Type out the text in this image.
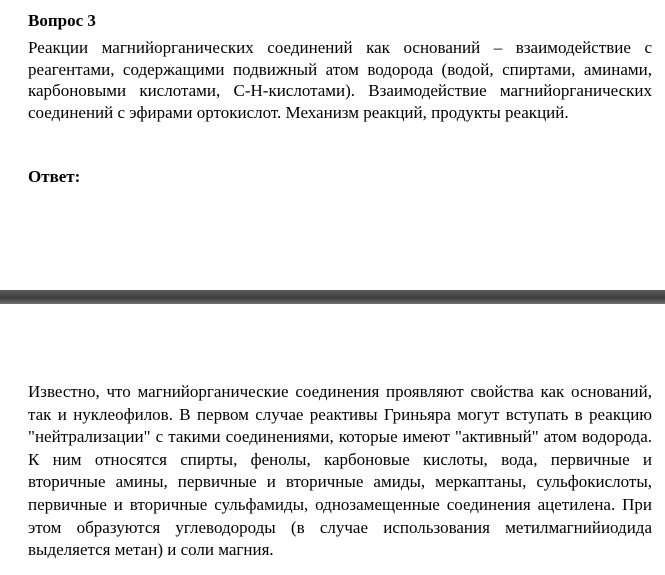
Вопрос 3

Реакции магнийорганических соединений как оснований – взаимодействие с реагентами, содержащими подвижный атом водорода (водой, спиртами, аминами, карбоновыми кислотами, С-Н-кислотами). Взаимодействие магнийорганических соединений с эфирами ортокислот. Механизм реакций, продукты реакций.

Ответ:

Известно, что магнийорганические соединения проявляют свойства как оснований, так и нуклеофилов. В первом случае реактивы Гриньяра могут вступать в реакцию "нейтрализации" с такими соединениями, которые имеют "активный" атом водорода. К ним относятся спирты, фенолы, карбоновые кислоты, вода, первичные и вторичные амины, первичные и вторичные амиды, меркаптаны, сульфокислоты, первичные и вторичные сульфамиды, однозамещенные соединения ацетилена. При этом образуются углеводороды (в случае использования метилмагнийиодида выделяется метан) и соли магния.
